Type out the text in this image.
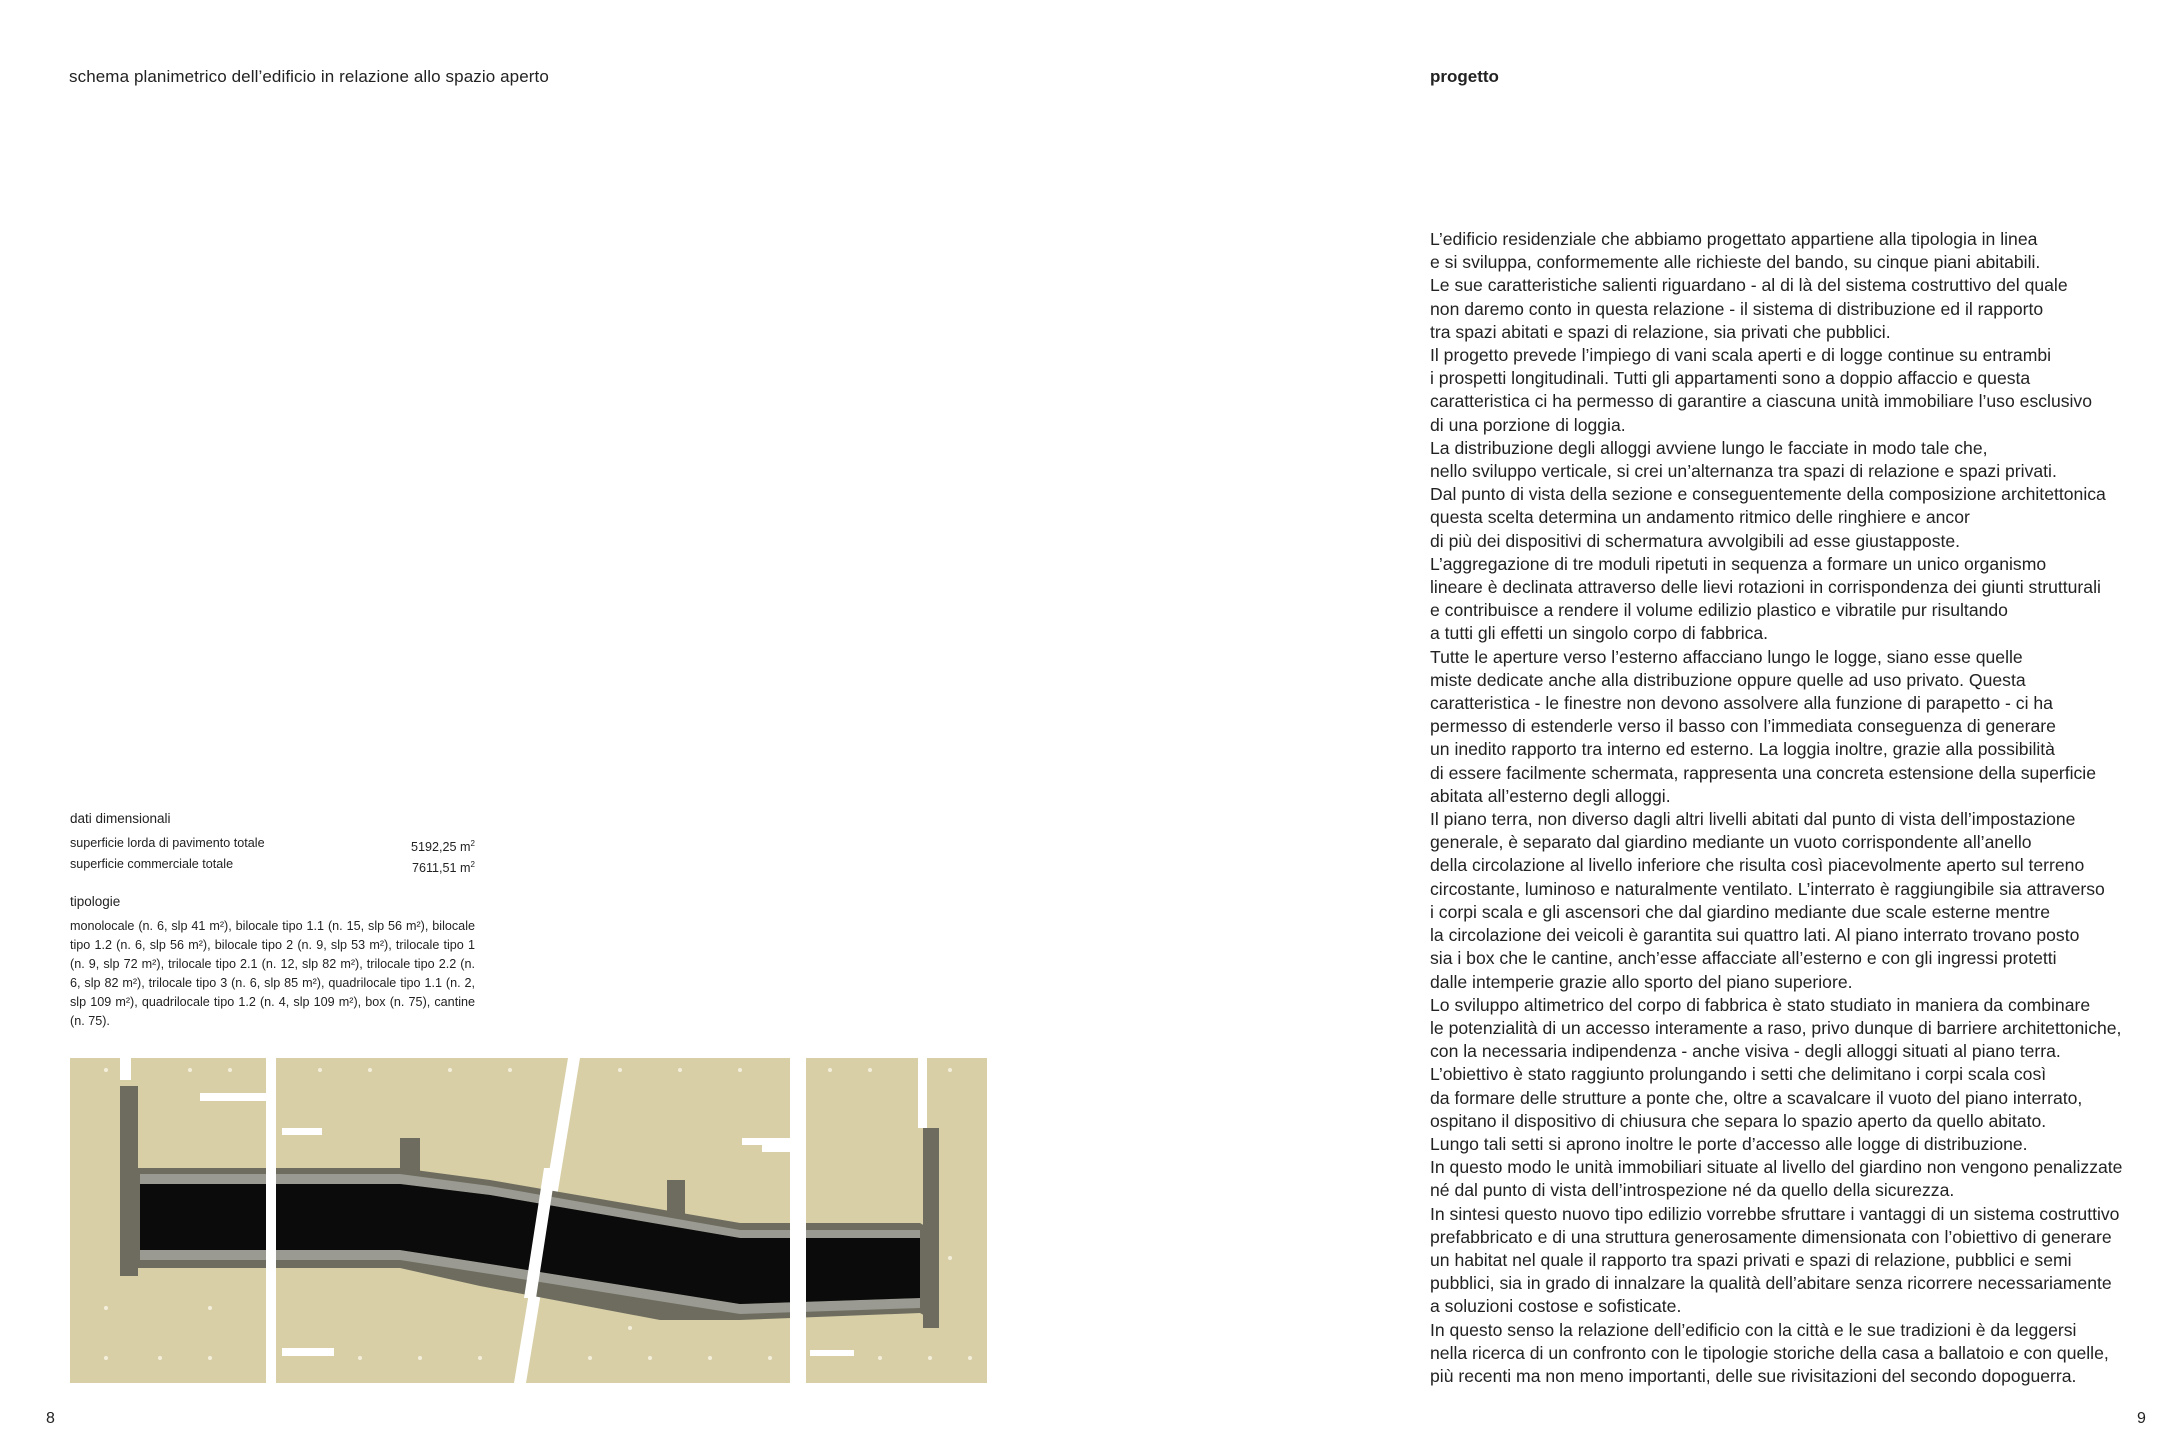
schema planimetrico dell’edificio in relazione allo spazio aperto
dati dimensionali
superficie lorda di pavimento totale	5192,25 $m^2$
superficie commerciale totale	7611,51 $m^2$
tipologie
monolocale (n. 6, slp 41 m²), bilocale tipo 1.1 (n. 15, slp 56 m²), bilocale tipo 1.2 (n. 6, slp 56 m²), bilocale tipo 2 (n. 9, slp 53 m²), trilocale tipo 1 (n. 9, slp 72 m²), trilocale tipo 2.1 (n. 12, slp 82 m²), trilocale tipo 2.2 (n. 6, slp 82 m²), trilocale tipo 3 (n. 6, slp 85 m²), quadrilocale tipo 1.1 (n. 2, slp 109 m²), quadrilocale tipo 1.2 (n. 4, slp 109 m²), box (n. 75), cantine (n. 75).
8
progetto

L’edificio residenziale che abbiamo progettato appartiene alla tipologia in linea

e si sviluppa, conformemente alle richieste del bando, su cinque piani abitabili.

Le sue caratteristiche salienti riguardano - al di là del sistema costruttivo del quale

non daremo conto in questa relazione - il sistema di distribuzione ed il rapporto

tra spazi abitati e spazi di relazione, sia privati che pubblici.

Il progetto prevede l’impiego di vani scala aperti e di logge continue su entrambi

i prospetti longitudinali. Tutti gli appartamenti sono a doppio affaccio e questa

caratteristica ci ha permesso di garantire a ciascuna unità immobiliare l’uso esclusivo

di una porzione di loggia.

La distribuzione degli alloggi avviene lungo le facciate in modo tale che,

nello sviluppo verticale, si crei un’alternanza tra spazi di relazione e spazi privati.

Dal punto di vista della sezione e conseguentemente della composizione architettonica

questa scelta determina un andamento ritmico delle ringhiere e ancor

di più dei dispositivi di schermatura avvolgibili ad esse giustapposte.

L’aggregazione di tre moduli ripetuti in sequenza a formare un unico organismo

lineare è declinata attraverso delle lievi rotazioni in corrispondenza dei giunti strutturali

e contribuisce a rendere il volume edilizio plastico e vibratile pur risultando

a tutti gli effetti un singolo corpo di fabbrica.

Tutte le aperture verso l’esterno affacciano lungo le logge, siano esse quelle

miste dedicate anche alla distribuzione oppure quelle ad uso privato. Questa

caratteristica - le finestre non devono assolvere alla funzione di parapetto - ci ha

permesso di estenderle verso il basso con l’immediata conseguenza di generare

un inedito rapporto tra interno ed esterno. La loggia inoltre, grazie alla possibilità

di essere facilmente schermata, rappresenta una concreta estensione della superficie

abitata all’esterno degli alloggi.

Il piano terra, non diverso dagli altri livelli abitati dal punto di vista dell’impostazione

generale, è separato dal giardino mediante un vuoto corrispondente all’anello

della circolazione al livello inferiore che risulta così piacevolmente aperto sul terreno

circostante, luminoso e naturalmente ventilato. L’interrato è raggiungibile sia attraverso

i corpi scala e gli ascensori che dal giardino mediante due scale esterne mentre

la circolazione dei veicoli è garantita sui quattro lati. Al piano interrato trovano posto

sia i box che le cantine, anch’esse affacciate all’esterno e con gli ingressi protetti

dalle intemperie grazie allo sporto del piano superiore.

Lo sviluppo altimetrico del corpo di fabbrica è stato studiato in maniera da combinare

le potenzialità di un accesso interamente a raso, privo dunque di barriere architettoniche,

con la necessaria indipendenza - anche visiva - degli alloggi situati al piano terra.

L’obiettivo è stato raggiunto prolungando i setti che delimitano i corpi scala così

da formare delle strutture a ponte che, oltre a scavalcare il vuoto del piano interrato,

ospitano il dispositivo di chiusura che separa lo spazio aperto da quello abitato.

Lungo tali setti si aprono inoltre le porte d’accesso alle logge di distribuzione.

In questo modo le unità immobiliari situate al livello del giardino non vengono penalizzate

né dal punto di vista dell’introspezione né da quello della sicurezza.

In sintesi questo nuovo tipo edilizio vorrebbe sfruttare i vantaggi di un sistema costruttivo

prefabbricato e di una struttura generosamente dimensionata con l’obiettivo di generare

un habitat nel quale il rapporto tra spazi privati e spazi di relazione, pubblici e semi

pubblici, sia in grado di innalzare la qualità dell’abitare senza ricorrere necessariamente

a soluzioni costose e sofisticate.

In questo senso la relazione dell’edificio con la città e le sue tradizioni è da leggersi

nella ricerca di un confronto con le tipologie storiche della casa a ballatoio e con quelle,

più recenti ma non meno importanti, delle sue rivisitazioni del secondo dopoguerra.

9
